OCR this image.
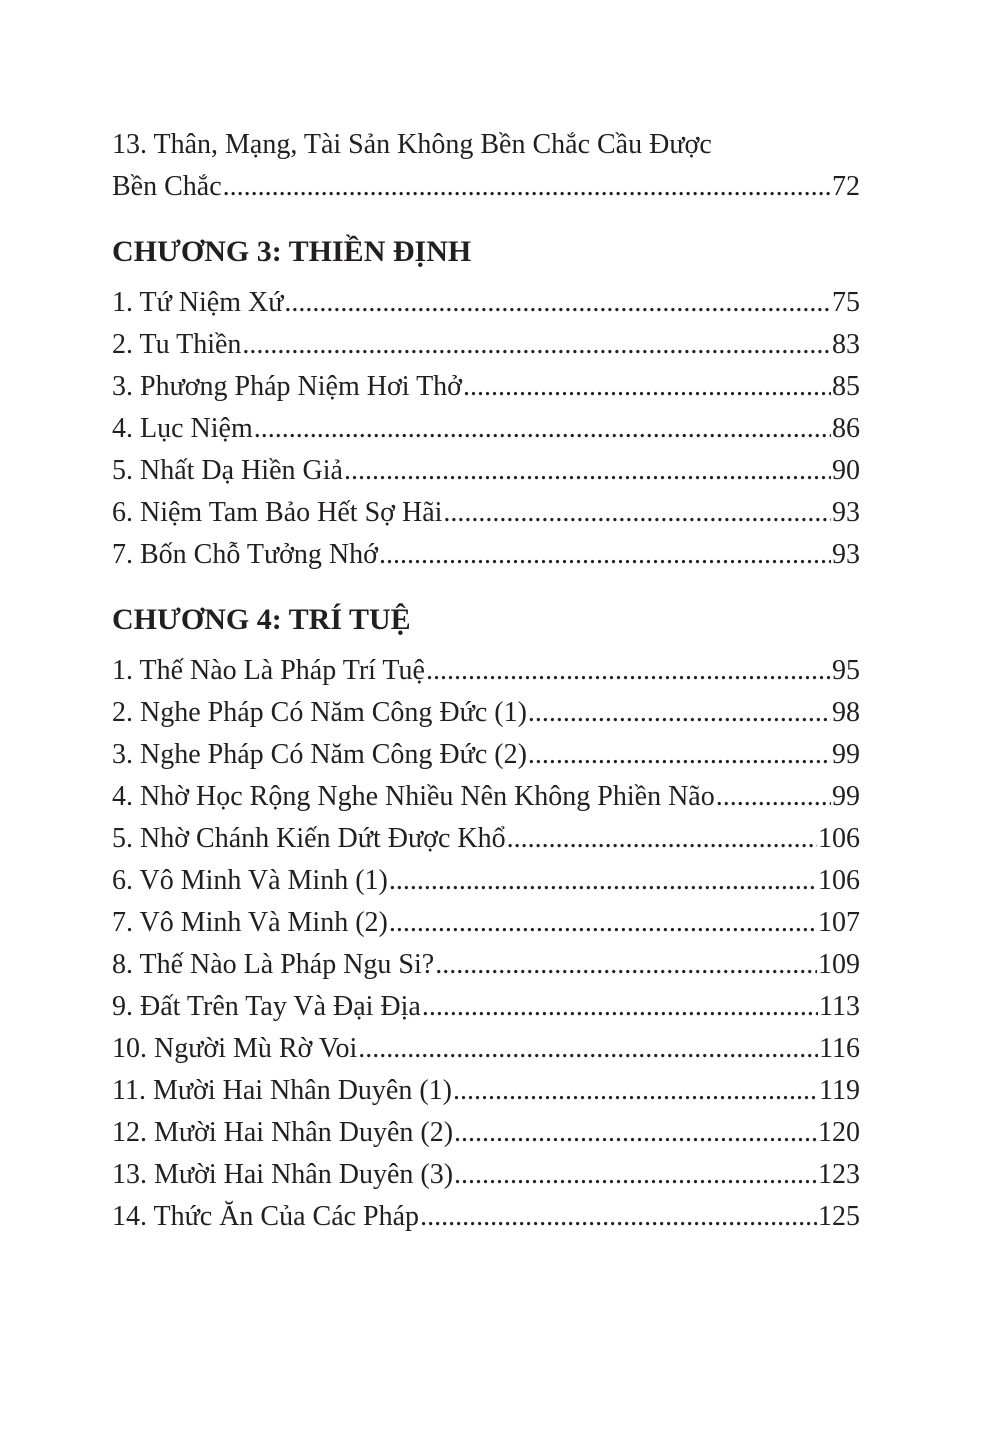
13. Thân, Mạng, Tài Sản Không Bền Chắc Cầu Được
Bền Chắc .....	72
CHƯƠNG 3: THIỀN ĐỊNH
1. Tứ Niệm Xứ .....	75
2. Tu Thiền .....	83
3. Phương Pháp Niệm Hơi Thở .....	85
4. Lục Niệm .....	86
5. Nhất Dạ Hiền Giả .....	90
6. Niệm Tam Bảo Hết Sợ Hãi .....	93
7. Bốn Chỗ Tưởng Nhớ .....	93
CHƯƠNG 4: TRÍ TUỆ
1. Thế Nào Là Pháp Trí Tuệ .....	95
2. Nghe Pháp Có Năm Công Đức (1) .....	98
3. Nghe Pháp Có Năm Công Đức (2) .....	99
4. Nhờ Học Rộng Nghe Nhiều Nên Không Phiền Não .....	99
5. Nhờ Chánh Kiến Dứt Được Khổ .....	106
6. Vô Minh Và Minh (1) .....	106
7. Vô Minh Và Minh (2) .....	107
8. Thế Nào Là Pháp Ngu Si? .....	109
9. Đất Trên Tay Và Đại Địa .....	113
10. Người Mù Rờ Voi .....	116
11. Mười Hai Nhân Duyên (1) .....	119
12. Mười Hai Nhân Duyên (2) .....	120
13. Mười Hai Nhân Duyên (3) .....	123
14. Thức Ăn Của Các Pháp .....	125
